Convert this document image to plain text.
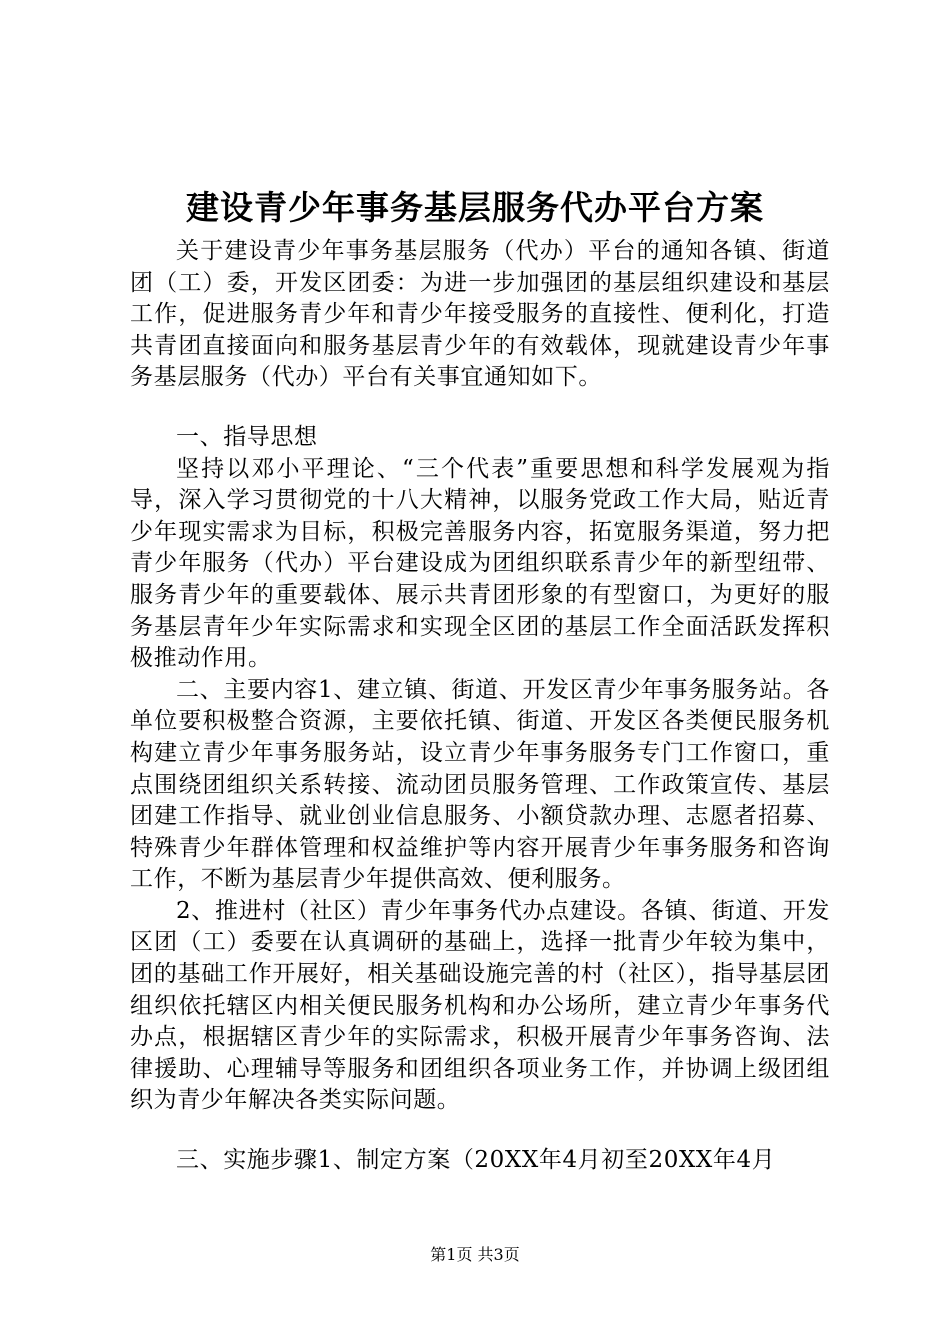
建设青少年事务基层服务代办平台方案

关于建设青少年事务基层服务（代办）平台的通知各镇、街道团（工）委，开发区团委：为进一步加强团的基层组织建设和基层工作，促进服务青少年和青少年接受服务的直接性、便利化，打造共青团直接面向和服务基层青少年的有效载体，现就建设青少年事务基层服务（代办）平台有关事宜通知如下。

一、指导思想

坚持以邓小平理论、“三个代表”重要思想和科学发展观为指导，深入学习贯彻党的十八大精神，以服务党政工作大局，贴近青少年现实需求为目标，积极完善服务内容，拓宽服务渠道，努力把青少年服务（代办）平台建设成为团组织联系青少年的新型纽带、服务青少年的重要载体、展示共青团形象的有型窗口，为更好的服务基层青年少年实际需求和实现全区团的基层工作全面活跃发挥积极推动作用。

二、主要内容1、建立镇、街道、开发区青少年事务服务站。各单位要积极整合资源，主要依托镇、街道、开发区各类便民服务机构建立青少年事务服务站，设立青少年事务服务专门工作窗口，重点围绕团组织关系转接、流动团员服务管理、工作政策宣传、基层团建工作指导、就业创业信息服务、小额贷款办理、志愿者招募、特殊青少年群体管理和权益维护等内容开展青少年事务服务和咨询工作，不断为基层青少年提供高效、便利服务。

2、推进村（社区）青少年事务代办点建设。各镇、街道、开发区团（工）委要在认真调研的基础上，选择一批青少年较为集中，团的基础工作开展好，相关基础设施完善的村（社区），指导基层团组织依托辖区内相关便民服务机构和办公场所，建立青少年事务代办点，根据辖区青少年的实际需求，积极开展青少年事务咨询、法律援助、心理辅导等服务和团组织各项业务工作，并协调上级团组织为青少年解决各类实际问题。

三、实施步骤1、制定方案（20XX年4月初至20XX年4月

第1页 共3页
